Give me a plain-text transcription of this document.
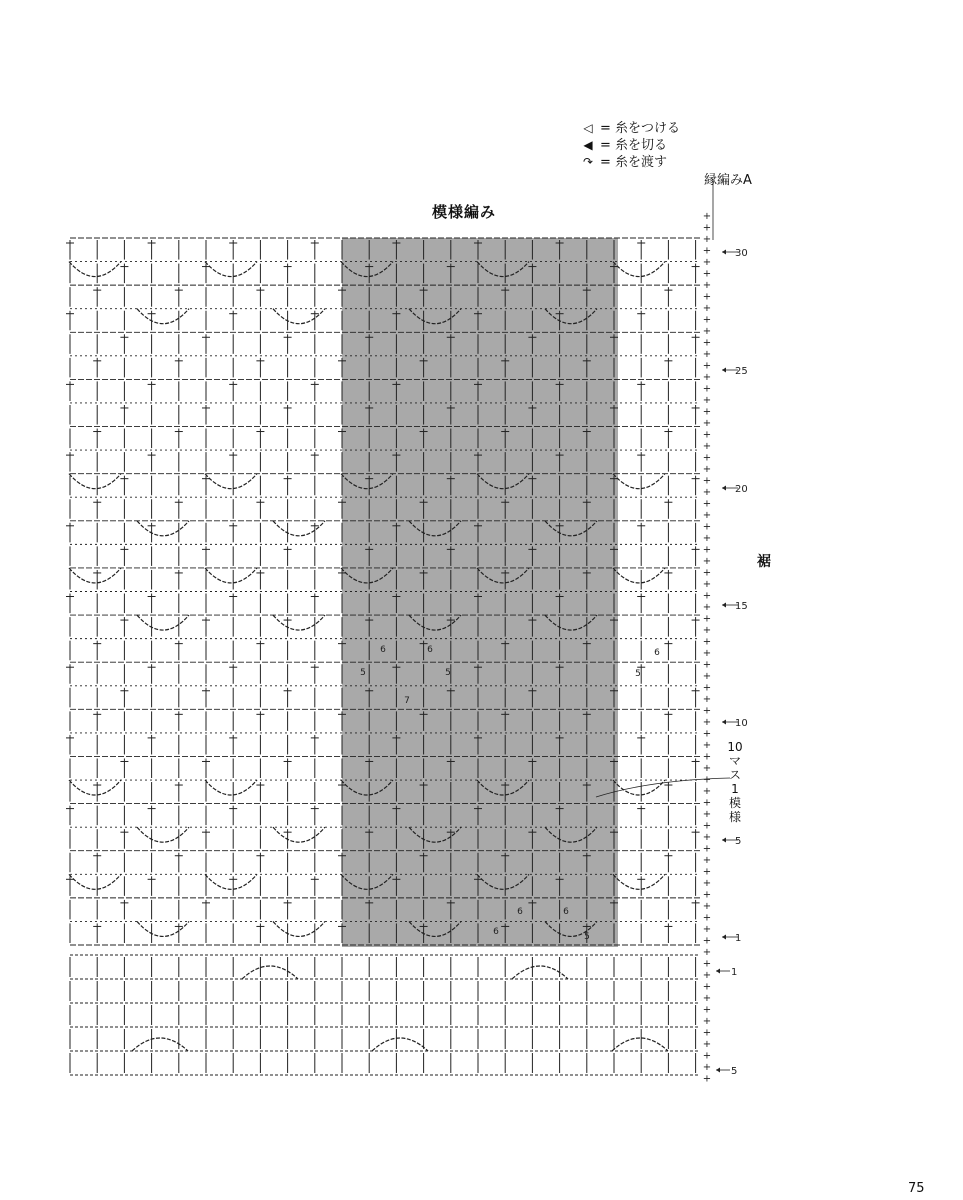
◁ = 糸をつける
◀ = 糸を切る
↷ = 糸を渡す
模様編み
縁編みA
裾
10マス1模様
75
+
+
+
+
+
+
+
+
+
+
+
+
+
+
+
+
+
+
+
+
+
+
+
+
+
+
+
+
+
+
+
+
+
+
+
+
+
+
+
+
+
+
+
+
+
+
+
+
+
+
+
+
+
+
+
+
+
+
+
+
+
+
+
+
+
+
+
+
+
+
+
+
+
+
+
+
30
25
20
15
10
5
1
1
5
6	6
5	5
7
6
5
6	6
6	5
